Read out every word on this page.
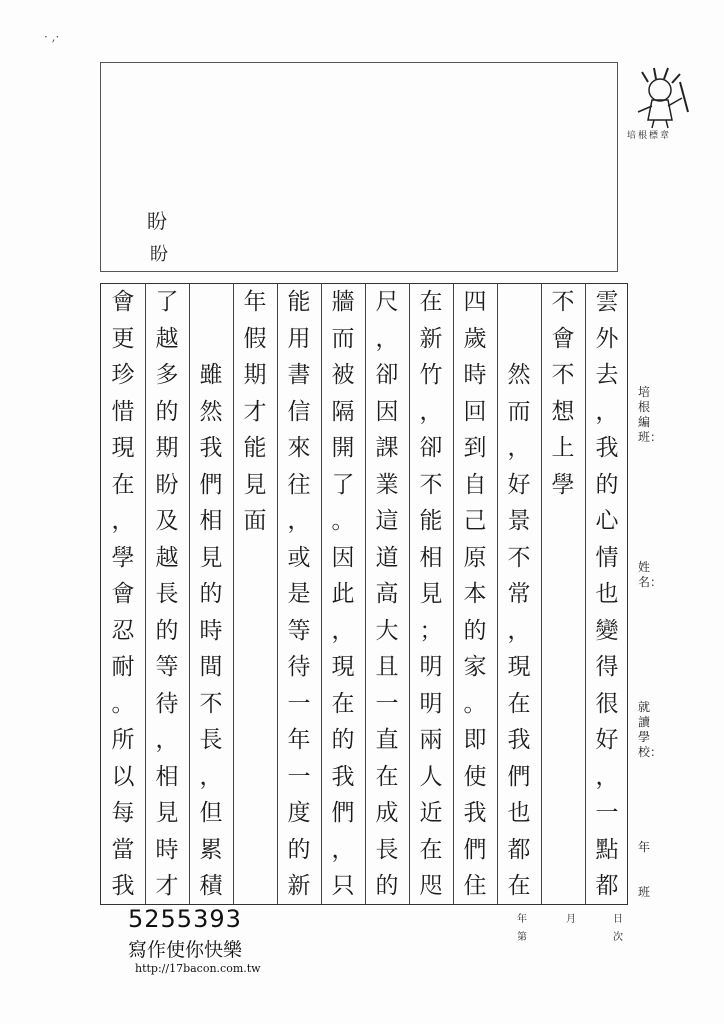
· ,·
盼
盼
培根標章
雲
外
去
，
我
的
心
情
也
變
得
很
好
，
一
點
都
不
會
不
想
上
學
然
而
，
好
景
不
常
，
現
在
我
們
也
都
在
四
歲
時
回
到
自
己
原
本
的
家
。
即
使
我
們
住
在
新
竹
，
卻
不
能
相
見
；
明
明
兩
人
近
在
咫
尺
，
卻
因
課
業
這
道
高
大
且
一
直
在
成
長
的
牆
而
被
隔
開
了
。
因
此
，
現
在
的
我
們
，
只
能
用
書
信
來
往
，
或
是
等
待
一
年
一
度
的
新
年
假
期
才
能
見
面
雖
然
我
們
相
見
的
時
間
不
長
，
但
累
積
了
越
多
的
期
盼
及
越
長
的
等
待
，
相
見
時
才
會
更
珍
惜
現
在
，
學
會
忍
耐
。
所
以
每
當
我
培根編班：
姓名：
就讀學校：
年
班
年	月	日
第	次
5255393
寫作使你快樂
http://17bacon.com.tw
